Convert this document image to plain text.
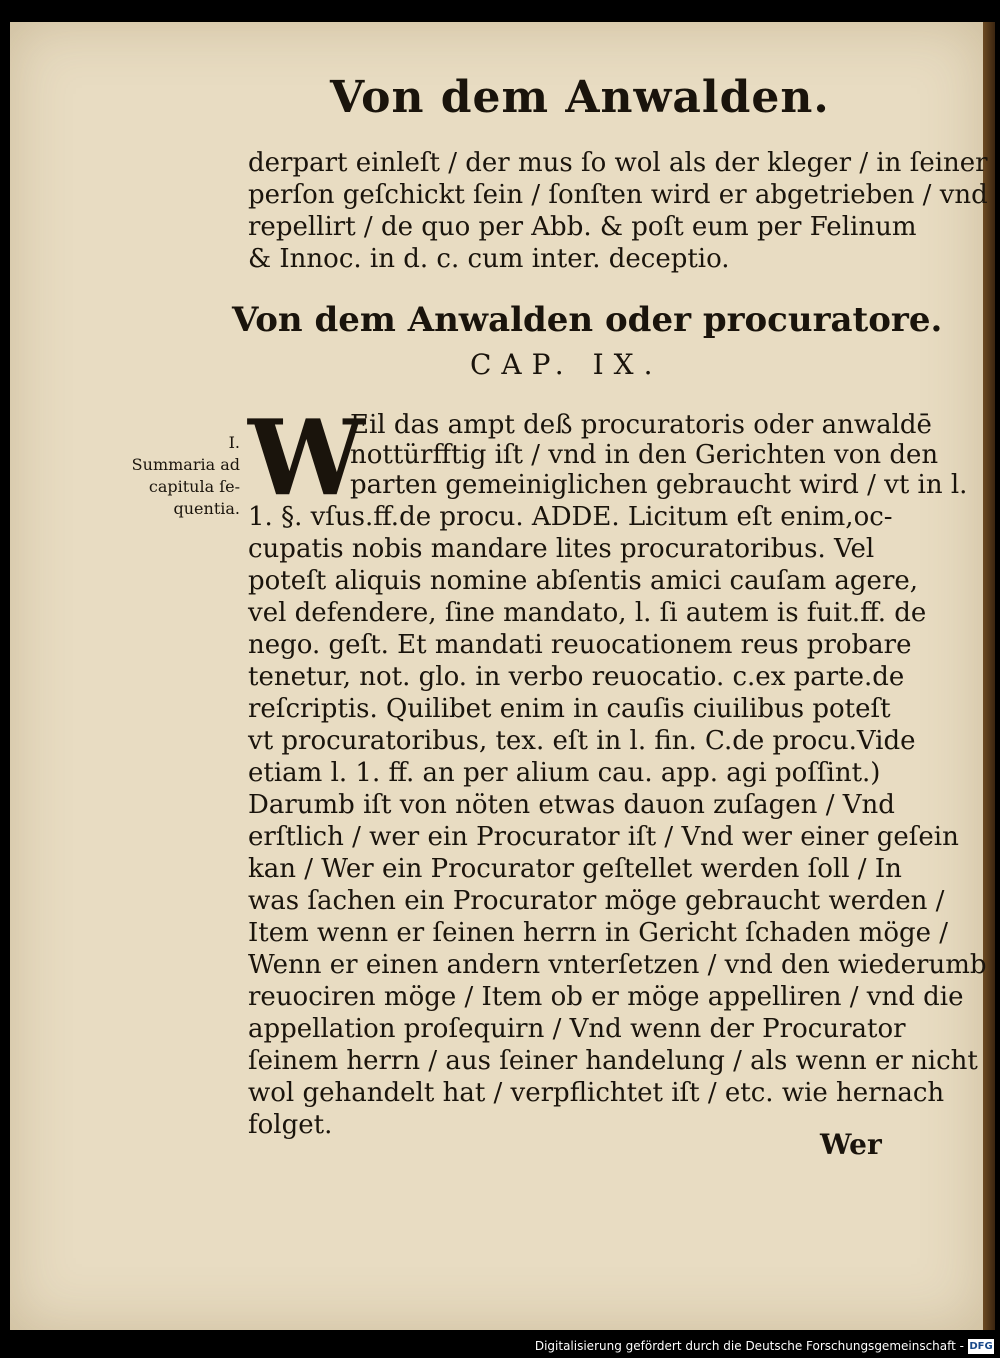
Von dem Anwalden.
derpart einleſt / der mus ſo wol als der kleger / in ſeiner
perſon geſchickt ſein / ſonſten wird er abgetrieben / vnd
repellirt / de quo per Abb. & poſt eum per Felinum
& Innoc. in d. c. cum inter. deceptio.
Von dem Anwalden oder procuratore.
CAP. IX.
W
I.
Summaria ad
capitula ſe-
quentia.
Eil das ampt deß procuratoris oder anwaldē
nottürfftig iſt / vnd in den Gerichten von den
parten gemeiniglichen gebraucht wird / vt in l.
1. §. vſus.ff.de procu. ADDE. Licitum eſt enim,oc-
cupatis nobis mandare lites procuratoribus. Vel
poteſt aliquis nomine abſentis amici cauſam agere,
vel defendere, ſine mandato, l. ſi autem is fuit.ff. de
nego. geſt. Et mandati reuocationem reus probare
tenetur, not. glo. in verbo reuocatio. c.ex parte.de
reſcriptis. Quilibet enim in cauſis ciuilibus poteſt
vt procuratoribus, tex. eſt in l. fin. C.de procu.Vide
etiam l. 1. ff. an per alium cau. app. agi poſſint.)
Darumb iſt von nöten etwas dauon zuſagen / Vnd
erſtlich / wer ein Procurator iſt / Vnd wer einer geſein
kan / Wer ein Procurator geſtellet werden ſoll / In
was ſachen ein Procurator möge gebraucht werden /
Item wenn er ſeinen herrn in Gericht ſchaden möge /
Wenn er einen andern vnterſetzen / vnd den wiederumb
reuociren möge / Item ob er möge appelliren / vnd die
appellation proſequirn / Vnd wenn der Procurator
ſeinem herrn / aus ſeiner handelung / als wenn er nicht
wol gehandelt hat / verpflichtet iſt / etc. wie hernach
folget.
Wer
Digitalisierung gefördert durch die Deutsche Forschungsgemeinschaft - DFG
